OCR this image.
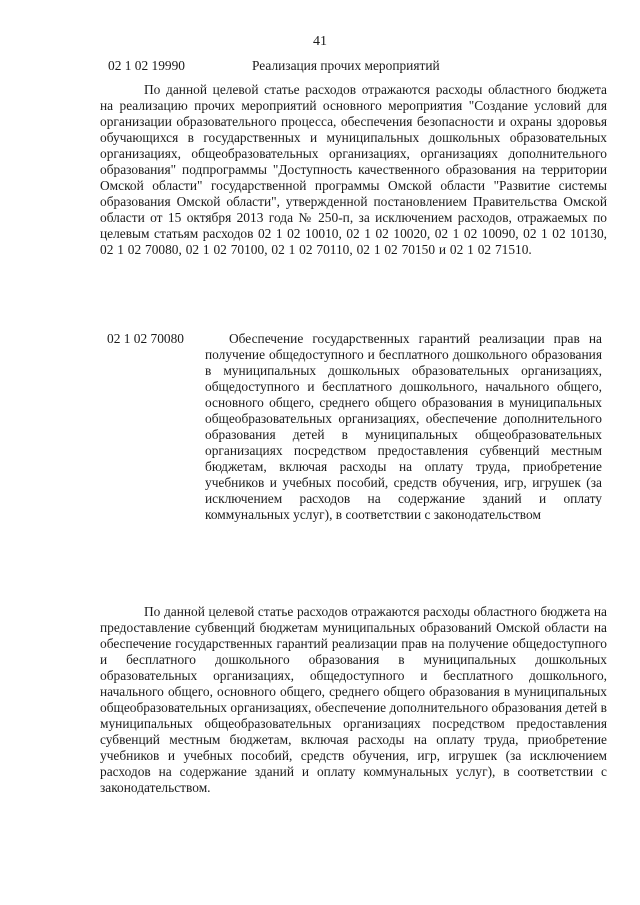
41
02 1 02 19990	Реализация прочих мероприятий

По данной целевой статье расходов отражаются расходы областного бюджета на реализацию прочих мероприятий основного мероприятия "Создание условий для организации образовательного процесса, обеспечения безопасности и охраны здоровья обучающихся в государственных и муниципальных дошкольных образовательных организациях, общеобразовательных организациях, организациях дополнительного образования" подпрограммы "Доступность качественного образования на территории Омской области" государственной программы Омской области "Развитие системы образования Омской области", утвержденной постановлением Правительства Омской области от 15 октября 2013 года № 250-п, за исключением расходов, отражаемых по целевым статьям расходов 02 1 02 10010, 02 1 02 10020, 02 1 02 10090, 02 1 02 10130, 02 1 02 70080, 02 1 02 70100, 02 1 02 70110, 02 1 02 70150 и 02 1 02 71510.

02 1 02 70080	Обеспечение государственных гарантий реализации прав на получение общедоступного и бесплатного дошкольного образования в муниципальных дошкольных образовательных организациях, общедоступного и бесплатного дошкольного, начального общего, основного общего, среднего общего образования в муниципальных общеобразовательных организациях, обеспечение дополнительного образования детей в муниципальных общеобразовательных организациях посредством предоставления субвенций местным бюджетам, включая расходы на оплату труда, приобретение учебников и учебных пособий, средств обучения, игр, игрушек (за исключением расходов на содержание зданий и оплату коммунальных услуг), в соответствии с законодательством

По данной целевой статье расходов отражаются расходы областного бюджета на предоставление субвенций бюджетам муниципальных образований Омской области на обеспечение государственных гарантий реализации прав на получение общедоступного и бесплатного дошкольного образования в муниципальных дошкольных образовательных организациях, общедоступного и бесплатного дошкольного, начального общего, основного общего, среднего общего образования в муниципальных общеобразовательных организациях, обеспечение дополнительного образования детей в муниципальных общеобразовательных организациях посредством предоставления субвенций местным бюджетам, включая расходы на оплату труда, приобретение учебников и учебных пособий, средств обучения, игр, игрушек (за исключением расходов на содержание зданий и оплату коммунальных услуг), в соответствии с законодательством.
